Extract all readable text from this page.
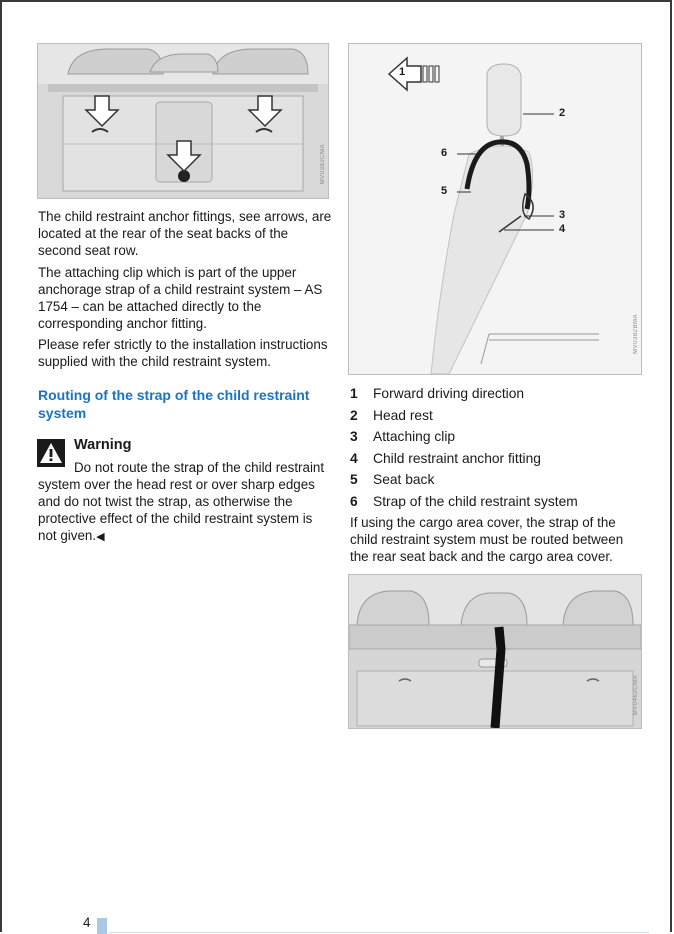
MV0382CMA
1
2
6
5
3
4
MV0382BMA

The child restraint anchor fittings, see arrows, are located at the rear of the seat backs of the second seat row.

The attaching clip which is part of the upper anchorage strap of a child restraint system – AS 1754 – can be attached directly to the corresponding anchor fitting.

Please refer strictly to the installation instructions supplied with the child restraint system.

Routing of the strap of the child restraint system

Warning

Do not route the strap of the child restraint system over the head rest or over sharp edges and do not twist the strap, as otherwise the protective effect of the child restraint system is not given.◀

1	Forward driving direction
2	Head rest
3	Attaching clip
4	Child restraint anchor fitting
5	Seat back
6	Strap of the child restraint system

If using the cargo area cover, the strap of the child restraint system must be routed between the rear seat back and the cargo area cover.

MV0462CMA
4
